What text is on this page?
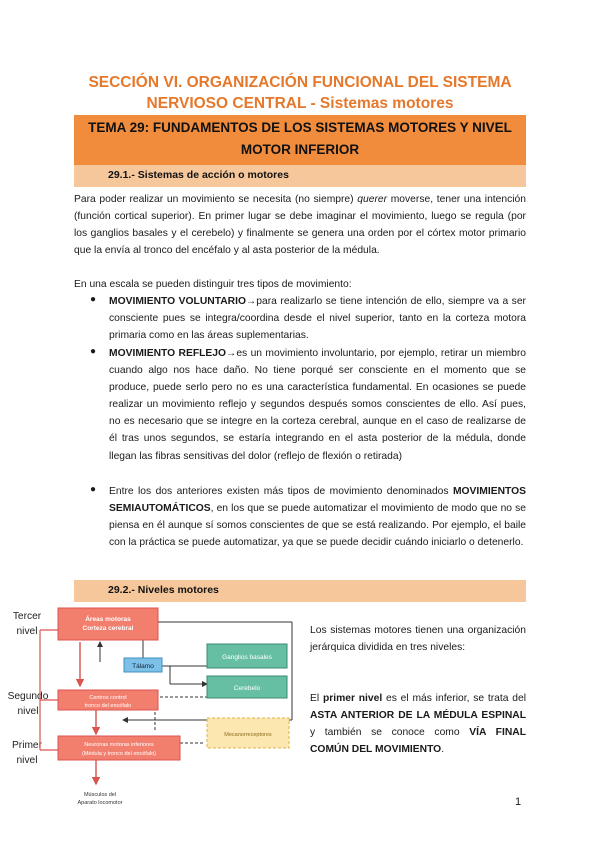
SECCIÓN VI. ORGANIZACIÓN FUNCIONAL DEL SISTEMA
NERVIOSO CENTRAL - Sistemas motores
TEMA 29: FUNDAMENTOS DE LOS SISTEMAS MOTORES Y NIVEL
MOTOR INFERIOR
29.1.- Sistemas de acción o motores
Para poder realizar un movimiento se necesita (no siempre) querer moverse, tener una intención (función cortical superior). En primer lugar se debe imaginar el movimiento, luego se regula (por los ganglios basales y el cerebelo) y finalmente se genera una orden por el córtex motor primario que la envía al tronco del encéfalo y al asta posterior de la médula.
En una escala se pueden distinguir tres tipos de movimiento:
● MOVIMIENTO VOLUNTARIO→para realizarlo se tiene intención de ello, siempre va a ser consciente pues se integra/coordina desde el nivel superior, tanto en la corteza motora primaria como en las áreas suplementarias.
● MOVIMIENTO REFLEJO→es un movimiento involuntario, por ejemplo, retirar un miembro cuando algo nos hace daño. No tiene porqué ser consciente en el momento que se produce, puede serlo pero no es una característica fundamental. En ocasiones se puede realizar un movimiento reflejo y segundos después somos conscientes de ello. Así pues, no es necesario que se integre en la corteza cerebral, aunque en el caso de realizarse de él tras unos segundos, se estaría integrando en el asta posterior de la médula, donde llegan las fibras sensitivas del dolor (reflejo de flexión o retirada)
● Entre los dos anteriores existen más tipos de movimiento denominados MOVIMIENTOS SEMIAUTOMÁTICOS, en los que se puede automatizar el movimiento de modo que no se piensa en él aunque sí somos conscientes de que se está realizando. Por ejemplo, el baile con la práctica se puede automatizar, ya que se puede decidir cuándo iniciarlo o detenerlo.
29.2.- Niveles motores
Tercer
nivel
Segundo
nivel
Primer
nivel
Áreas motoras
Corteza cerebral
Tálamo
Ganglios basales
Cerebelo
Centros control
tronco del encéfalo
Neuronas motoras inferiores
(Médula y tronco del encéfalo)
Mecanorreceptores
Músculos del
Aparato locomotor
Los sistemas motores tienen una organización jerárquica dividida en tres niveles:
El primer nivel es el más inferior, se trata del ASTA ANTERIOR DE LA MÉDULA ESPINAL y también se conoce como VÍA FINAL COMÚN DEL MOVIMIENTO.
1
